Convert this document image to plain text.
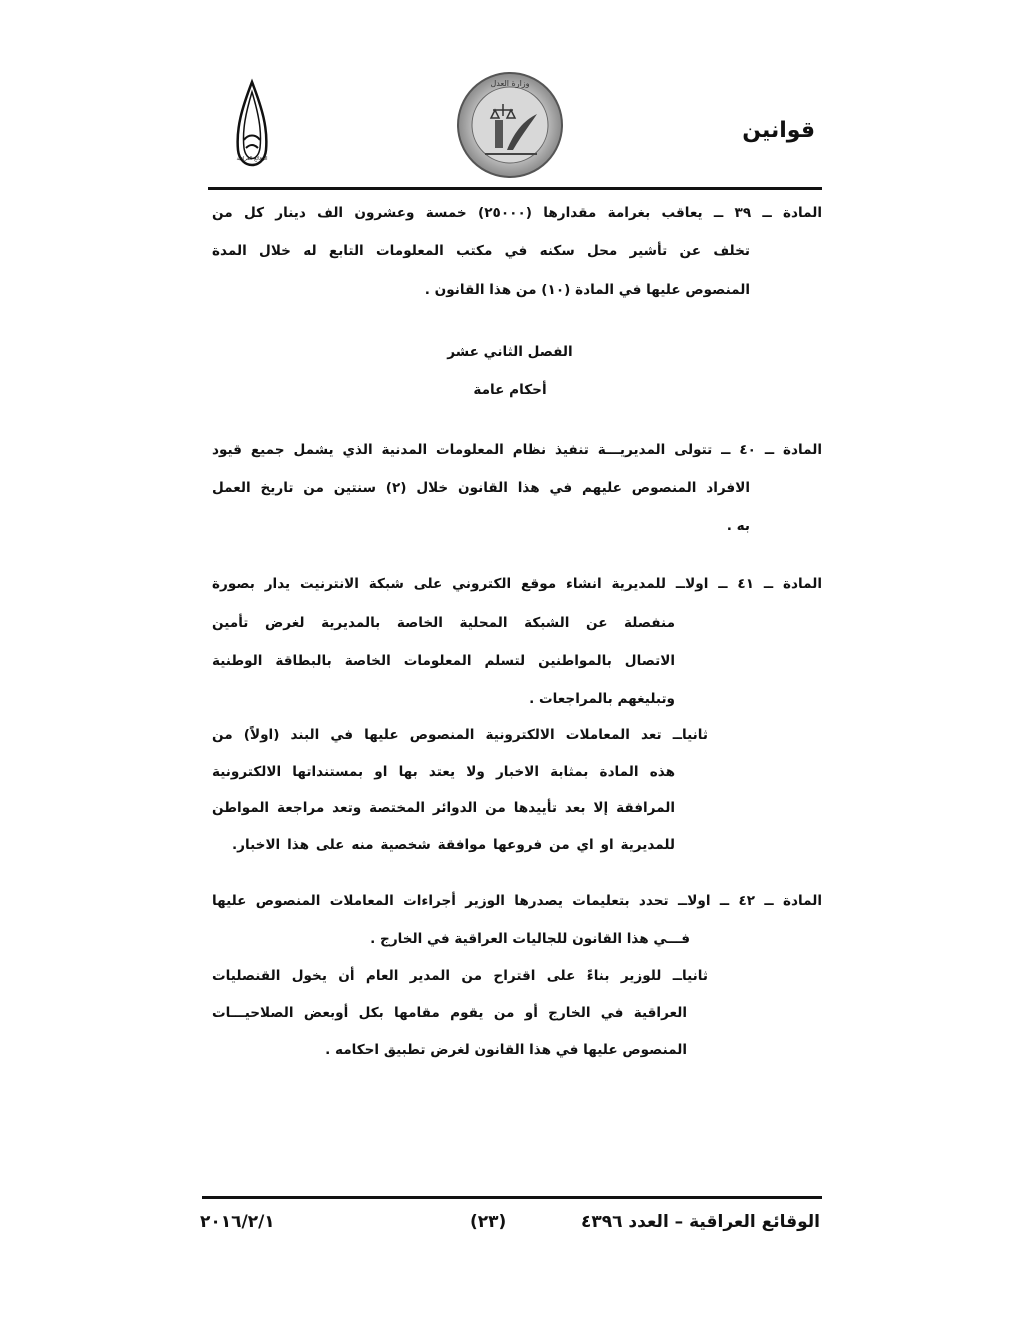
قوانين
وزارة العدل
الوقائع العراقية
المادة ــ ٣٩ ــ يعاقب بغرامة مقدارها (٢٥٠٠٠) خمسة وعشرون الف دينار كل من
تخلف عن تأشير محل سكنه في مكتب المعلومات التابع له خلال المدة
المنصوص عليها في المادة (١٠) من هذا القانون .
الفصل الثاني عشر
أحكام عامة
المادة ــ ٤٠ ــ تتولى المديريـــة تنفيذ نظام المعلومات المدنية الذي يشمل جميع قيود
الافراد المنصوص عليهم في هذا القانون خلال (٢) سنتين من تاريخ العمل
به .
المادة ــ ٤١ ــ اولاــ للمديرية انشاء موقع الكتروني على شبكة الانترنيت يدار بصورة
منفصلة عن الشبكة المحلية الخاصة بالمديرية لغرض تأمين
الاتصال بالمواطنين لتسلم المعلومات الخاصة بالبطاقة الوطنية
وتبليغهم بالمراجعات .
ثانياــ تعد المعاملات الالكترونية المنصوص عليها في البند (اولاً) من
هذه المادة بمثابة الاخبار ولا يعتد بها او بمستنداتها الالكترونية
المرافقة إلا بعد تأييدها من الدوائر المختصة وتعد مراجعة المواطن
للمديرية او اي من فروعها موافقة شخصية منه على هذا الاخبار.
المادة ــ ٤٢ ــ اولاــ تحدد بتعليمات يصدرها الوزير أجراءات المعاملات المنصوص عليها
فـــي هذا القانون للجاليات العراقية في الخارج .
ثانياــ للوزير بناءً على اقتراح من المدير العام أن يخول القنصليات
العراقية في الخارج أو من يقوم مقامها بكل أوبعض الصلاحيـــات
المنصوص عليها في هذا القانون لغرض تطبيق احكامه .
الوقائع العراقية – العدد ٤٣٩٦
(٢٣)
٢٠١٦/٢/١
